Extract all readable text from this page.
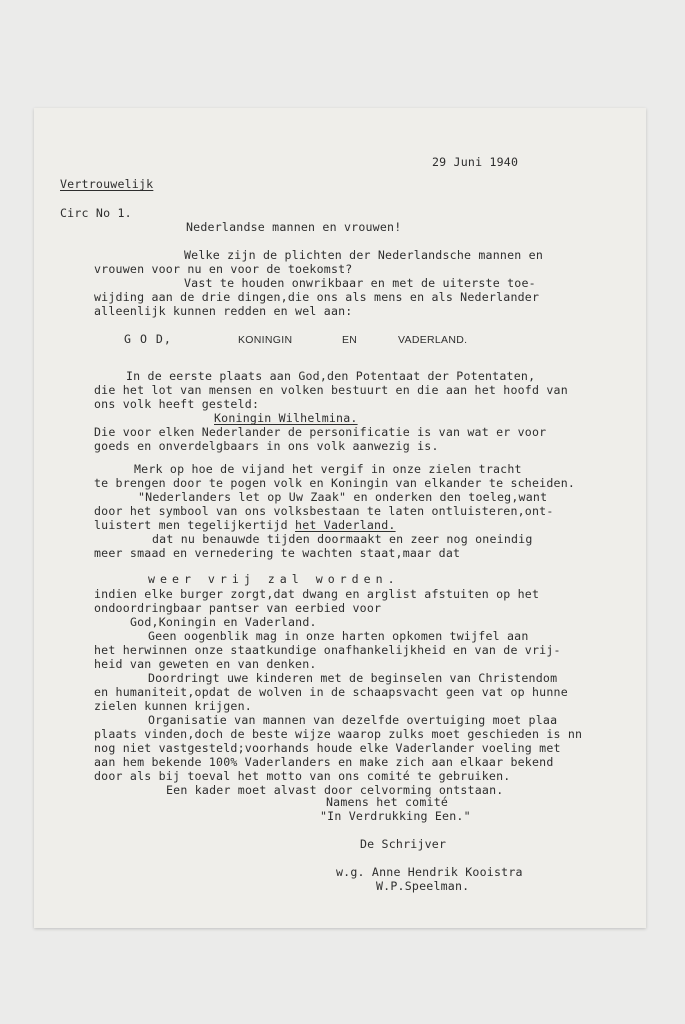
29 Juni 1940
Vertrouwelijk
Circ No 1.
Nederlandse mannen en vrouwen!
Welke zijn de plichten der Nederlandsche mannen en
vrouwen voor nu en voor de toekomst?
Vast te houden onwrikbaar en met de uiterste toe-
wijding aan de drie dingen,die ons als mens en als Nederlander
alleenlijk kunnen redden en wel aan:
G O D,	KONINGIN	EN	VADERLAND.
In de eerste plaats aan God,den Potentaat der Potentaten,
die het lot van mensen en volken bestuurt en die aan het hoofd van
ons volk heeft gesteld:
Koningin Wilhelmina.
Die voor elken Nederlander de personificatie is van wat er voor
goeds en onverdelgbaars in ons volk aanwezig is.
Merk op hoe de vijand het vergif in onze zielen tracht
te brengen door te pogen volk en Koningin van elkander te scheiden.
"Nederlanders let op Uw Zaak" en onderken den toeleg,want
door het symbool van ons volksbestaan te laten ontluisteren,ont-
luistert men tegelijkertijd het Vaderland.
dat nu benauwde tijden doormaakt en zeer nog oneindig
meer smaad en vernedering te wachten staat,maar dat
weer vrij zal worden.
indien elke burger zorgt,dat dwang en arglist afstuiten op het
ondoordringbaar pantser van eerbied voor
God,Koningin en Vaderland.
Geen oogenblik mag in onze harten opkomen twijfel aan
het herwinnen onze staatkundige onafhankelijkheid en van de vrij-
heid van geweten en van denken.
Doordringt uwe kinderen met de beginselen van Christendom
en humaniteit,opdat de wolven in de schaapsvacht geen vat op hunne
zielen kunnen krijgen.
Organisatie van mannen van dezelfde overtuiging moet plaa
plaats vinden,doch de beste wijze waarop zulks moet geschieden is nn
nog niet vastgesteld;voorhands houde elke Vaderlander voeling met
aan hem bekende 100% Vaderlanders en make zich aan elkaar bekend
door als bij toeval het motto van ons comité te gebruiken.
Een kader moet alvast door celvorming ontstaan.
Namens het comité
"In Verdrukking Een."
De Schrijver
w.g. Anne Hendrik Kooistra
W.P.Speelman.
